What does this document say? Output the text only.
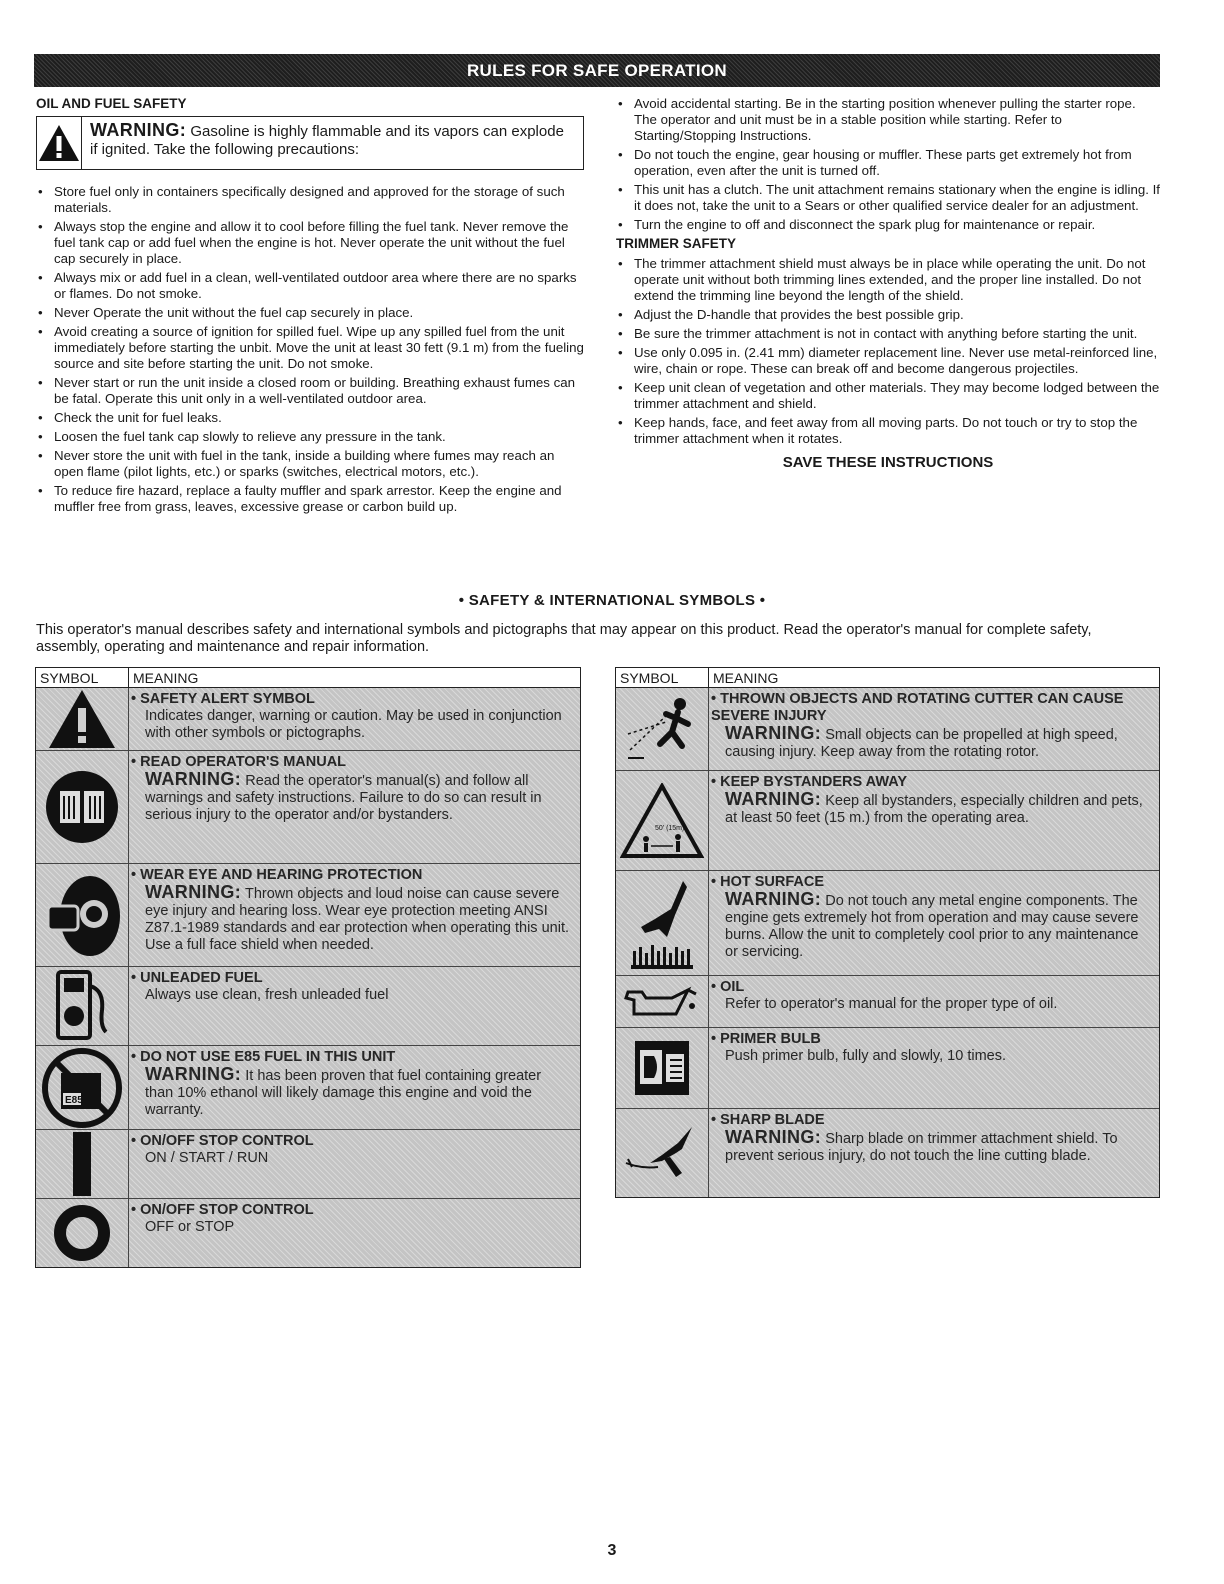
RULES FOR SAFE OPERATION
OIL AND FUEL SAFETY
WARNING: Gasoline is highly flammable and its vapors can explode if ignited. Take the following precautions:
• Store fuel only in containers specifically designed and approved for the storage of such materials.
• Always stop the engine and allow it to cool before filling the fuel tank. Never remove the fuel tank cap or add fuel when the engine is hot. Never operate the unit without the fuel cap securely in place.
• Always mix or add fuel in a clean, well-ventilated outdoor area where there are no sparks or flames. Do not smoke.
• Never Operate the unit without the fuel cap securely in place.
• Avoid creating a source of ignition for spilled fuel. Wipe up any spilled fuel from the unit immediately before starting the unbit. Move the unit at least 30 fett (9.1 m) from the fueling source and site before starting the unit. Do not smoke.
• Never start or run the unit inside a closed room or building. Breathing exhaust fumes can be fatal. Operate this unit only in a well-ventilated outdoor area.
• Check the unit for fuel leaks.
• Loosen the fuel tank cap slowly to relieve any pressure in the tank.
• Never store the unit with fuel in the tank, inside a building where fumes may reach an open flame (pilot lights, etc.) or sparks (switches, electrical motors, etc.).
• To reduce fire hazard, replace a faulty muffler and spark arrestor. Keep the engine and muffler free from grass, leaves, excessive grease or carbon build up.
• Avoid accidental starting. Be in the starting position whenever pulling the starter rope. The operator and unit must be in a stable position while starting. Refer to Starting/Stopping Instructions.
• Do not touch the engine, gear housing or muffler. These parts get extremely hot from operation, even after the unit is turned off.
• This unit has a clutch. The unit attachment remains stationary when the engine is idling. If it does not, take the unit to a Sears or other qualified service dealer for an adjustment.
• Turn the engine to off and disconnect the spark plug for maintenance or repair.
TRIMMER SAFETY
• The trimmer attachment shield must always be in place while operating the unit. Do not operate unit without both trimming lines extended, and the proper line installed. Do not extend the trimming line beyond the length of the shield.
• Adjust the D-handle that provides the best possible grip.
• Be sure the trimmer attachment is not in contact with anything before starting the unit.
• Use only 0.095 in. (2.41 mm) diameter replacement line. Never use metal-reinforced line, wire, chain or rope. These can break off and become dangerous projectiles.
• Keep unit clean of vegetation and other materials. They may become lodged between the trimmer attachment and shield.
• Keep hands, face, and feet away from all moving parts. Do not touch or try to stop the trimmer attachment when it rotates.
SAVE THESE INSTRUCTIONS
• SAFETY & INTERNATIONAL SYMBOLS •
This operator's manual describes safety and international symbols and pictographs that may appear on this product. Read the operator's manual for complete safety, assembly, operating and maintenance and repair information.
SYMBOL	MEANING
• SAFETY ALERT SYMBOL
Indicates danger, warning or caution. May be used in conjunction with other symbols or pictographs.
• READ OPERATOR'S MANUAL
WARNING: Read the operator's manual(s) and follow all warnings and safety instructions. Failure to do so can result in serious injury to the operator and/or bystanders.
• WEAR EYE AND HEARING PROTECTION
WARNING: Thrown objects and loud noise can cause severe eye injury and hearing loss. Wear eye protection meeting ANSI Z87.1-1989 standards and ear protection when operating this unit. Use a full face shield when needed.
• UNLEADED FUEL
Always use clean, fresh unleaded fuel
E85
• DO NOT USE E85 FUEL IN THIS UNIT
WARNING: It has been proven that fuel containing greater than 10% ethanol will likely damage this engine and void the warranty.
• ON/OFF STOP CONTROL
ON / START / RUN
• ON/OFF STOP CONTROL
OFF or STOP
SYMBOL	MEANING
• THROWN OBJECTS AND ROTATING CUTTER CAN CAUSE SEVERE INJURY
WARNING: Small objects can be propelled at high speed, causing injury. Keep away from the rotating rotor.
50' (15m)
• KEEP BYSTANDERS AWAY
WARNING: Keep all bystanders, especially children and pets, at least 50 feet (15 m.) from the operating area.
• HOT SURFACE
WARNING: Do not touch any metal engine components. The engine gets extremely hot from operation and may cause severe burns. Allow the unit to completely cool prior to any maintenance or servicing.
• OIL
Refer to operator's manual for the proper type of oil.
• PRIMER BULB
Push primer bulb, fully and slowly, 10 times.
• SHARP BLADE
WARNING: Sharp blade on trimmer attachment shield. To prevent serious injury, do not touch the line cutting blade.
3
